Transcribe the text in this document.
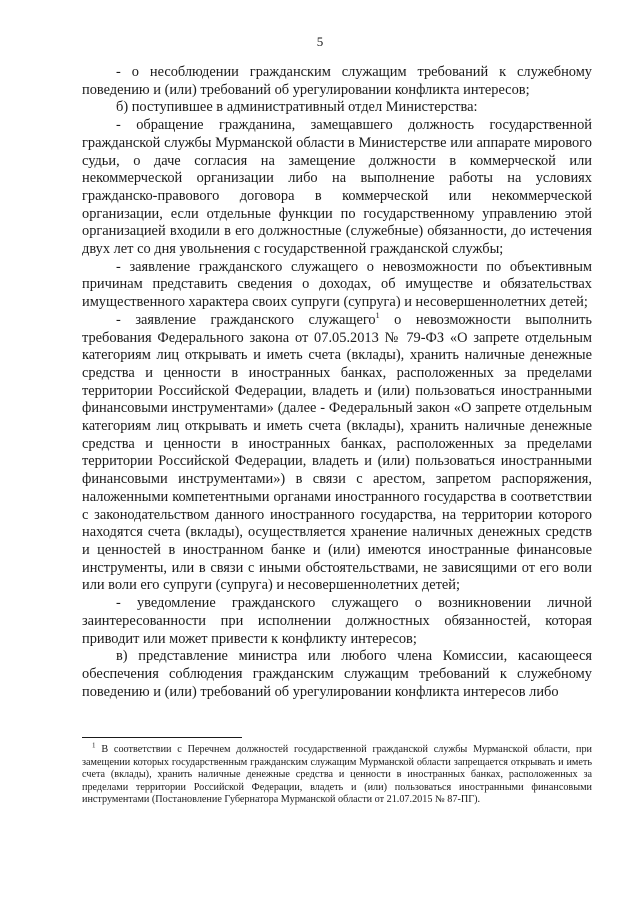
5

- о несоблюдении гражданским служащим требований к служебному поведению и (или) требований об урегулировании конфликта интересов;

б) поступившее в административный отдел Министерства:

- обращение гражданина, замещавшего должность государственной гражданской службы Мурманской области в Министерстве или аппарате мирового судьи, о даче согласия на замещение должности в коммерческой или некоммерческой организации либо на выполнение работы на условиях гражданско-правового договора в коммерческой или некоммерческой организации, если отдельные функции по государственному управлению этой организацией входили в его должностные (служебные) обязанности, до истечения двух лет со дня увольнения с государственной гражданской службы;

- заявление гражданского служащего о невозможности по объективным причинам представить сведения о доходах, об имуществе и обязательствах имущественного характера своих супруги (супруга) и несовершеннолетних детей;

- заявление гражданского служащего$^1$ о невозможности выполнить требования Федерального закона от 07.05.2013 № 79-ФЗ «О запрете отдельным категориям лиц открывать и иметь счета (вклады), хранить наличные денежные средства и ценности в иностранных банках, расположенных за пределами территории Российской Федерации, владеть и (или) пользоваться иностранными финансовыми инструментами» (далее - Федеральный закон «О запрете отдельным категориям лиц открывать и иметь счета (вклады), хранить наличные денежные средства и ценности в иностранных банках, расположенных за пределами территории Российской Федерации, владеть и (или) пользоваться иностранными финансовыми инструментами») в связи с арестом, запретом распоряжения, наложенными компетентными органами иностранного государства в соответствии с законодательством данного иностранного государства, на территории которого находятся счета (вклады), осуществляется хранение наличных денежных средств и ценностей в иностранном банке и (или) имеются иностранные финансовые инструменты, или в связи с иными обстоятельствами, не зависящими от его воли или воли его супруги (супруга) и несовершеннолетних детей;

- уведомление гражданского служащего о возникновении личной заинтересованности при исполнении должностных обязанностей, которая приводит или может привести к конфликту интересов;

в) представление министра или любого члена Комиссии, касающееся обеспечения соблюдения гражданским служащим требований к служебному поведению и (или) требований об урегулировании конфликта интересов либо

$^1$ В соответствии с Перечнем должностей государственной гражданской службы Мурманской области, при замещении которых государственным гражданским служащим Мурманской области запрещается открывать и иметь счета (вклады), хранить наличные денежные средства и ценности в иностранных банках, расположенных за пределами территории Российской Федерации, владеть и (или) пользоваться иностранными финансовыми инструментами (Постановление Губернатора Мурманской области от 21.07.2015 № 87-ПГ).
